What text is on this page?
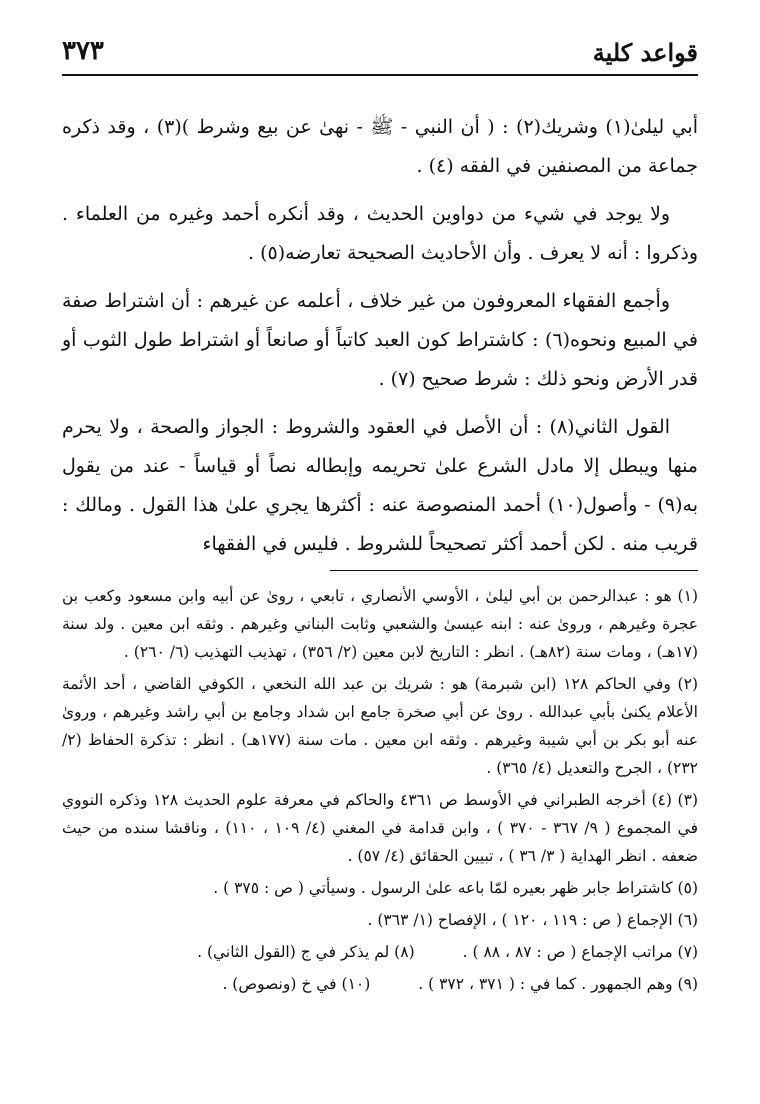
قواعد كلية
٣٧٣

أبي ليلىٰ(١) وشريك(٢) : ( أن النبي - ﷺ - نهىٰ عن بيع وشرط )(٣) ، وقد ذكره جماعة من المصنفين في الفقه (٤) .

ولا يوجد في شيء من دواوين الحديث ، وقد أنكره أحمد وغيره من العلماء . وذكروا : أنه لا يعرف . وأن الأحاديث الصحيحة تعارضه(٥) .

وأجمع الفقهاء المعروفون من غير خلاف ، أعلمه عن غيرهم : أن اشتراط صفة في المبيع ونحوه(٦) : كاشتراط كون العبد كاتباً أو صانعاً أو اشتراط طول الثوب أو قدر الأرض ونحو ذلك : شرط صحيح (٧) .

القول الثاني(٨) : أن الأصل في العقود والشروط : الجواز والصحة ، ولا يحرم منها ويبطل إلا مادل الشرع علىٰ تحريمه وإبطاله نصاً أو قياساً - عند من يقول به(٩) - وأصول(١٠) أحمد المنصوصة عنه : أكثرها يجري علىٰ هذا القول . ومالك : قريب منه . لكن أحمد أكثر تصحيحاً للشروط . فليس في الفقهاء

(١) هو : عبدالرحمن بن أبي ليلىٰ ، الأوسي الأنصاري ، تابعي ، روىٰ عن أبيه وابن مسعود وكعب بن عجرة وغيرهم ، وروىٰ عنه : ابنه عيسىٰ والشعبي وثابت البناني وغيرهم . وثقه ابن معين . ولد سنة (١٧هـ) ، ومات سنة (٨٢هـ) . انظر : التاريخ لابن معين (٢/ ٣٥٦) ، تهذيب التهذيب (٦/ ٢٦٠) .
(٢) وفي الحاكم ١٢٨ (ابن شبرمة) هو : شريك بن عبد الله النخعي ، الكوفي القاضي ، أحد الأئمة الأعلام يكنىٰ بأبي عبدالله . روىٰ عن أبي صخرة جامع ابن شداد وجامع بن أبي راشد وغيرهم ، وروىٰ عنه أبو بكر بن أبي شيبة وغيرهم . وثقه ابن معين . مات سنة (١٧٧هـ) . انظر : تذكرة الحفاظ (٢/ ٢٣٢) ، الجرح والتعديل (٤/ ٣٦٥) .
(٣) (٤) أخرجه الطبراني في الأوسط ص ٤٣٦١ والحاكم في معرفة علوم الحديث ١٢٨ وذكره النووي في المجموع ( ٩/ ٣٦٧ - ٣٧٠ ) ، وابن قدامة في المغني (٤/ ١٠٩ ، ١١٠) ، وناقشا سنده من حيث ضعفه . انظر الهداية ( ٣/ ٣٦ ) ، تبيين الحقائق (٤/ ٥٧) .
(٥) كاشتراط جابر ظهر بعيره لمّا باعه علىٰ الرسول . وسيأتي ( ص : ٣٧٥ ) .
(٦) الإجماع ( ص : ١١٩ ، ١٢٠ ) ، الإفصاح (١/ ٣٦٣) .
(٧) مراتب الإجماع ( ص : ٨٧ ، ٨٨ ) .
(٨) لم يذكر في ج (القول الثاني) .
(٩) وهم الجمهور . كما في : ( ٣٧١ ، ٣٧٢ ) .
(١٠) في خ (ونصوص) .
